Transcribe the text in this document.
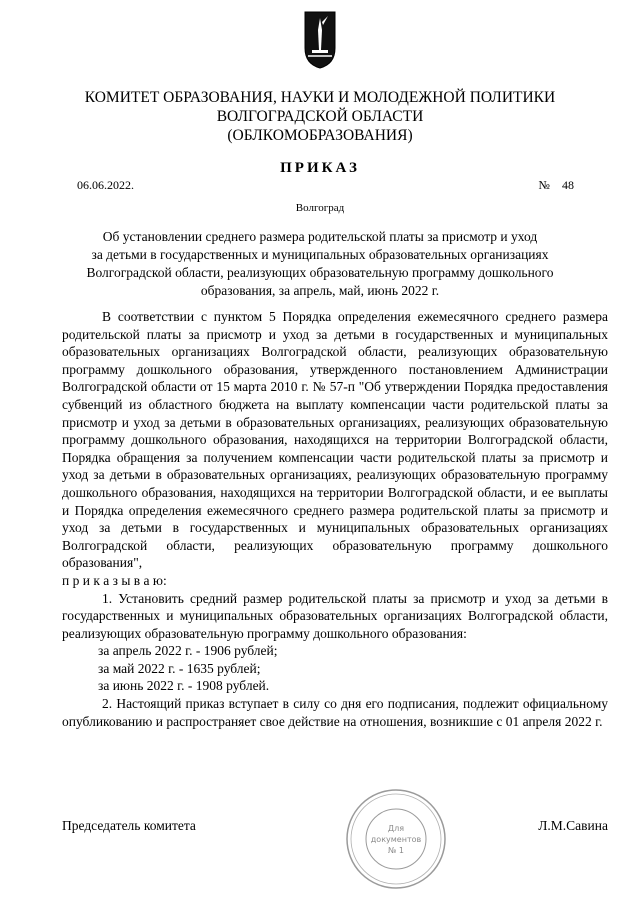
КОМИТЕТ ОБРАЗОВАНИЯ, НАУКИ И МОЛОДЕЖНОЙ ПОЛИТИКИ
ВОЛГОГРАДСКОЙ ОБЛАСТИ
(ОБЛКОМОБРАЗОВАНИЯ)
ПРИКАЗ
06.06.2022.	№ 48
Волгоград
Об установлении среднего размера родительской платы за присмотр и уход
за детьми в государственных и муниципальных образовательных организациях
Волгоградской области, реализующих образовательную программу дошкольного
образования, за апрель, май, июнь 2022 г.

В соответствии с пунктом 5 Порядка определения ежемесячного среднего размера родительской платы за присмотр и уход за детьми в государственных и муниципальных образовательных организациях Волгоградской области, реализующих образовательную программу дошкольного образования, утвержденного постановлением Администрации Волгоградской области от 15 марта 2010 г. № 57-п "Об утверждении Порядка предоставления субвенций из областного бюджета на выплату компенсации части родительской платы за присмотр и уход за детьми в образовательных организациях, реализующих образовательную программу дошкольного образования, находящихся на территории Волгоградской области, Порядка обращения за получением компенсации части родительской платы за присмотр и уход за детьми в образовательных организациях, реализующих образовательную программу дошкольного образования, находящихся на территории Волгоградской области, и ее выплаты и Порядка определения ежемесячного среднего размера родительской платы за присмотр и уход за детьми в государственных и муниципальных образовательных организациях Волгоградской области, реализующих образовательную программу дошкольного образования",

п р и к а з ы в а ю:

1. Установить средний размер родительской платы за присмотр и уход за детьми в государственных и муниципальных образовательных организациях Волгоградской области, реализующих образовательную программу дошкольного образования:

за апрель 2022 г. - 1906 рублей;

за май 2022 г. - 1635 рублей;

за июнь 2022 г. - 1908 рублей.

2. Настоящий приказ вступает в силу со дня его подписания, подлежит официальному опубликованию и распространяет свое действие на отношения, возникшие с 01 апреля 2022 г.

Председатель комитета	Л.М.Савина
Для
документов
№ 1
